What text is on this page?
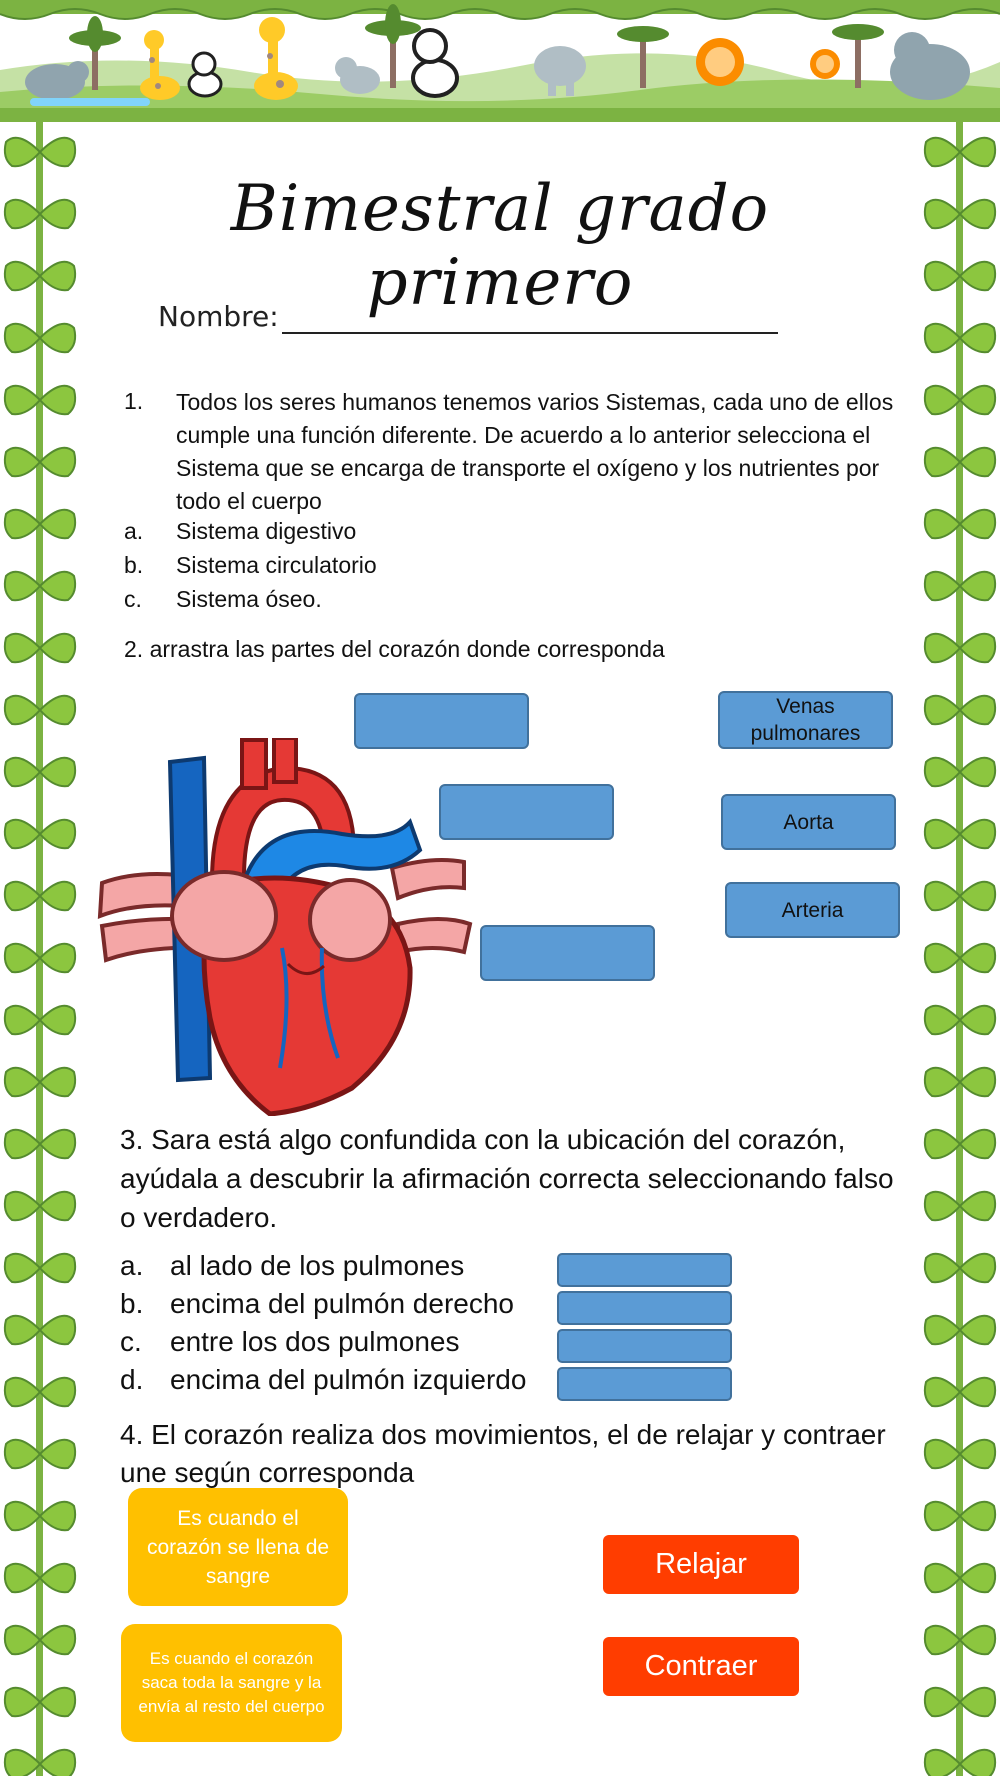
Bimestral grado primero
Nombre:
1. Todos los seres humanos tenemos varios Sistemas, cada uno de ellos cumple una función diferente. De acuerdo a lo anterior selecciona el Sistema que se encarga de transporte el oxígeno y los nutrientes por todo el cuerpo
a. Sistema digestivo
b. Sistema circulatorio
c. Sistema óseo.
2. arrastra las partes del corazón donde corresponda
Venas pulmonares
Aorta
Arteria
3. Sara está algo confundida con la ubicación del corazón, ayúdala a descubrir la afirmación correcta seleccionando falso o verdadero.
a. al lado de los pulmones
b. encima del pulmón derecho
c. entre los dos pulmones
d. encima del pulmón izquierdo
4. El corazón realiza dos movimientos, el de relajar y contraer une según corresponda
Es cuando el corazón se llena de sangre
Es cuando el corazón saca toda la sangre y la envía al resto del cuerpo
Relajar
Contraer
